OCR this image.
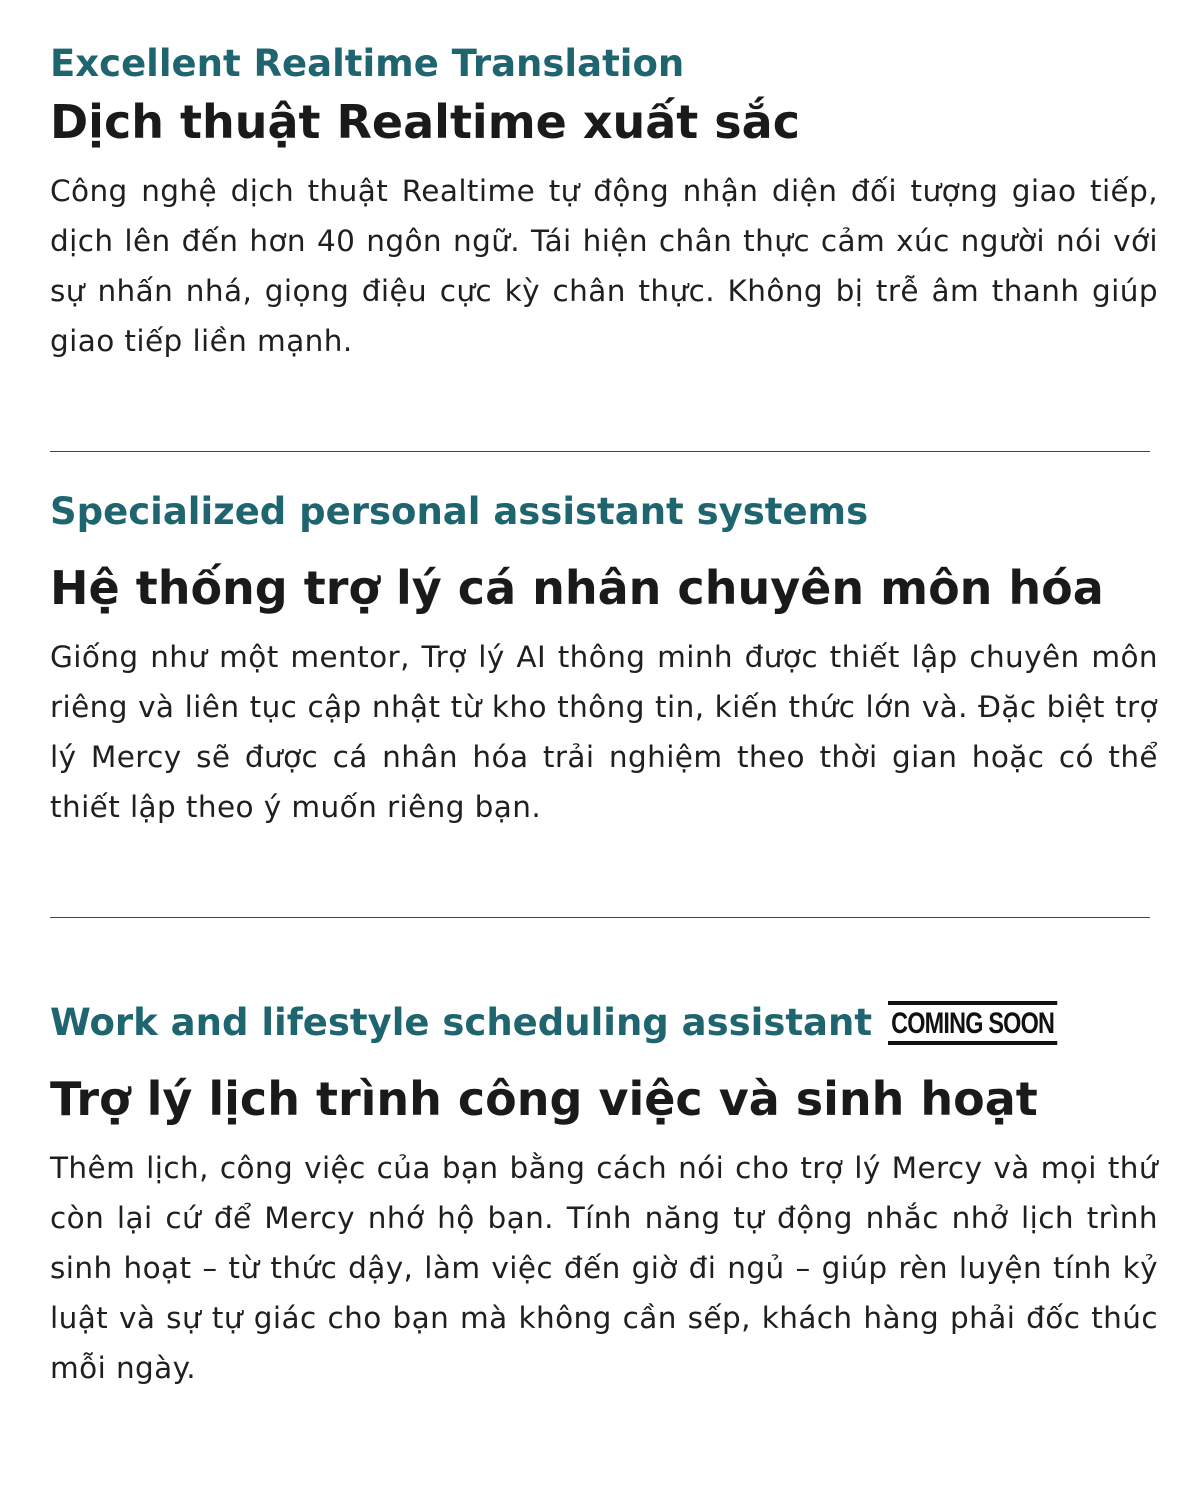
Excellent Realtime Translation
Dịch thuật Realtime xuất sắc

Công nghệ dịch thuật Realtime tự động nhận diện đối tượng giao tiếp, dịch lên đến hơn 40 ngôn ngữ. Tái hiện chân thực cảm xúc người nói với sự nhấn nhá, giọng điệu cực kỳ chân thực. Không bị trễ âm thanh giúp giao tiếp liền mạnh.

Specialized personal assistant systems
Hệ thống trợ lý cá nhân chuyên môn hóa

Giống như một mentor, Trợ lý AI thông minh được thiết lập chuyên môn riêng và liên tục cập nhật từ kho thông tin, kiến thức lớn và. Đặc biệt trợ lý Mercy sẽ được cá nhân hóa trải nghiệm theo thời gian hoặc có thể thiết lập theo ý muốn riêng bạn.

Work and lifestyle scheduling assistant COMING SOON
Trợ lý lịch trình công việc và sinh hoạt

Thêm lịch, công việc của bạn bằng cách nói cho trợ lý Mercy và mọi thứ còn lại cứ để Mercy nhớ hộ bạn. Tính năng tự động nhắc nhở lịch trình sinh hoạt – từ thức dậy, làm việc đến giờ đi ngủ – giúp rèn luyện tính kỷ luật và sự tự giác cho bạn mà không cần sếp, khách hàng phải đốc thúc mỗi ngày.
